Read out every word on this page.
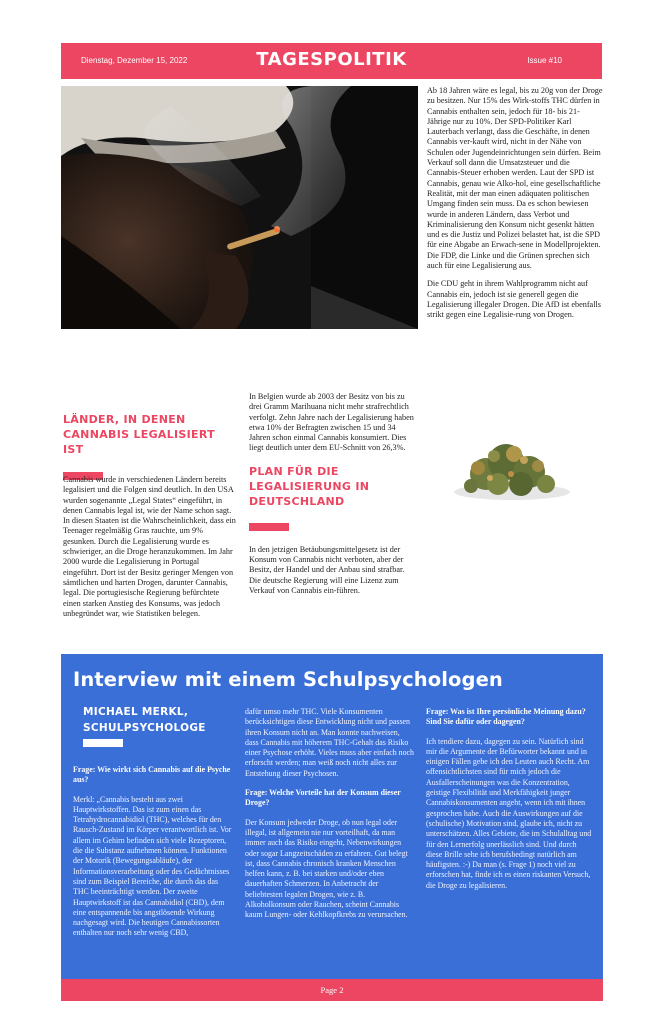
Dienstag, Dezember 15, 2022	TAGESPOLITIK	Issue #10

Ab 18 Jahren wäre es legal, bis zu 20g von der Droge zu besitzen. Nur 15% des Wirk-stoffs THC dürfen in Cannabis enthalten sein, jedoch für 18- bis 21-Jährige nur zu 10%. Der SPD-Politiker Karl Lauterbach verlangt, dass die Geschäfte, in denen Cannabis ver-kauft wird, nicht in der Nähe von Schulen oder Jugendeinrichtungen sein dürfen. Beim Verkauf soll dann die Umsatzsteuer und die Cannabis-Steuer erhoben werden. Laut der SPD ist Cannabis, genau wie Alko-hol, eine gesellschaftliche Realität, mit der man einen adäquaten politischen Umgang finden sein muss. Da es schon bewiesen wurde in anderen Ländern, dass Verbot und Kriminalisierung den Konsum nicht gesenkt hätten und es die Justiz und Polizei belastet hat, ist die SPD für eine Abgabe an Erwach-sene in Modellprojekten. Die FDP, die Linke und die Grünen sprechen sich auch für eine Legalisierung aus.

Die CDU geht in ihrem Wahlprogramm nicht auf Cannabis ein, jedoch ist sie generell gegen die Legalisierung illegaler Drogen. Die AfD ist ebenfalls strikt gegen eine Legalisie-rung von Drogen.

LÄNDER, IN DENEN CANNABIS LEGALISIERT IST

Cannabis wurde in verschiedenen Ländern bereits legalisiert und die Folgen sind deutlich. In den USA wurden sogenannte „Legal States“ eingeführt, in denen Cannabis legal ist, wie der Name schon sagt. In diesen Staaten ist die Wahrscheinlichkeit, dass ein Teenager regelmäßig Gras rauchte, um 9% gesunken. Durch die Legalisierung wurde es schwieriger, an die Droge heranzukommen. Im Jahr 2000 wurde die Legalisierung in Portugal eingeführt. Dort ist der Besitz geringer Mengen von sämtlichen und harten Drogen, darunter Cannabis, legal. Die portugiesische Regierung befürchtete einen starken Anstieg des Konsums, was jedoch unbegründet war, wie Statistiken belegen.

In Belgien wurde ab 2003 der Besitz von bis zu drei Gramm Marihuana nicht mehr strafrechtlich verfolgt. Zehn Jahre nach der Legalisierung haben etwa 10% der Befragten zwischen 15 und 34 Jahren schon einmal Cannabis konsumiert. Dies liegt deutlich unter dem EU-Schnitt von 26,3%.

PLAN FÜR DIE LEGALISIERUNG IN DEUTSCHLAND

In den jetzigen Betäubungsmittelgesetz ist der Konsum von Cannabis nicht verboten, aber der Besitz, der Handel und der Anbau sind strafbar. Die deutsche Regierung will eine Lizenz zum Verkauf von Cannabis ein-führen.

Interview mit einem Schulpsychologen
MICHAEL MERKL, SCHULPSYCHOLOGE

Frage: Wie wirkt sich Cannabis auf die Psyche aus?

Merkl: „Cannabis besteht aus zwei Hauptwirkstoffen. Das ist zum einen das Tetrahydrocannabidiol (THC), welches für den Rausch-Zustand im Körper verantwortlich ist. Vor allem im Gehirn befinden sich viele Rezeptoren, die die Substanz aufnehmen können. Funktionen der Motorik (Bewegungsabläufe), der Informationsverarbeitung oder des Gedächtnisses sind zum Beispiel Bereiche, die durch das das THC beeinträchtigt werden. Der zweite Hauptwirkstoff ist das Cannabidiol (CBD), dem eine entspannende bis angstlösende Wirkung nachgesagt wird. Die heutigen Cannabissorten enthalten nur noch sehr wenig CBD,

dafür umso mehr THC. Viele Konsumenten berücksichtigen diese Entwicklung nicht und passen ihren Konsum nicht an. Man konnte nachweisen, dass Cannabis mit höherem THC-Gehalt das Risiko einer Psychose erhöht. Vieles muss aber einfach noch erforscht werden; man weiß noch nicht alles zur Entstehung dieser Psychosen.

Frage: Welche Vorteile hat der Konsum dieser Droge?

Der Konsum jedweder Droge, ob nun legal oder illegal, ist allgemein nie nur vorteilhaft, da man immer auch das Risiko eingeht, Nebenwirkungen oder sogar Langzeitschäden zu erfahren. Gut belegt ist, dass Cannabis chronisch kranken Menschen helfen kann, z. B. bei starken und/oder eben dauerhaften Schmerzen. In Anbetracht der beliebtesten legalen Drogen, wie z. B. Alkoholkonsum oder Rauchen, scheint Cannabis kaum Lungen- oder Kehlkopfkrebs zu verursachen.

Frage: Was ist Ihre persönliche Meinung dazu? Sind Sie dafür oder dagegen?

Ich tendiere dazu, dagegen zu sein. Natürlich sind mir die Argumente der Befürworter bekannt und in einigen Fällen gebe ich den Leuten auch Recht. Am offensichtlichsten sind für mich jedoch die Ausfallerscheinungen was die Konzentration, geistige Flexibilität und Merkfähigkeit junger Cannabiskonsumenten angeht, wenn ich mit ihnen gesprochen habe. Auch die Auswirkungen auf die (schulische) Motivation sind, glaube ich, nicht zu unterschätzen. Alles Gebiete, die im Schulalltag und für den Lernerfolg unerlässlich sind. Und durch diese Brille sehe ich berufsbedingt natürlich am häufigsten. :-) Da man (s. Frage 1) noch viel zu erforschen hat, finde ich es einen riskanten Versuch, die Droge zu legalisieren.

Page 2
